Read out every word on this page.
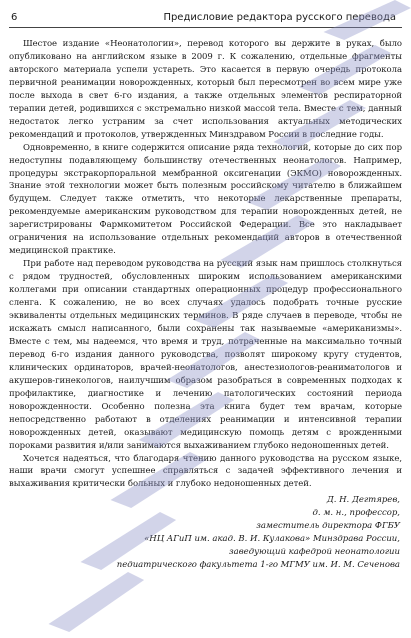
6	Предисловие редактора русского перевода

Шестое издание «Неонатологии», перевод которого вы держите в руках, было опубликовано на английском языке в 2009 г. К сожалению, отдельные фрагменты авторского материала успели устареть. Это касается в первую очередь протокола первичной реанимации новорожденных, который был пересмотрен во всем мире уже после выхода в свет 6-го издания, а также отдельных элементов респираторной терапии детей, родившихся с экстремально низкой массой тела. Вместе с тем, данный недостаток легко устраним за счет использования актуальных методических рекомендаций и протоколов, утвержденных Минздравом России в последние годы.

Одновременно, в книге содержится описание ряда технологий, которые до сих пор недоступны подавляющему большинству отечественных неонатологов. Например, процедуры экстракорпоральной мембранной оксигенации (ЭКМО) новорожденных. Знание этой технологии может быть полезным российскому читателю в ближайшем будущем. Следует также отметить, что некоторые лекарственные препараты, рекомендуемые американским руководством для терапии новорожденных детей, не зарегистрированы Фармкомитетом Российской Федерации. Все это накладывает ограничения на использование отдельных рекомендаций авторов в отечественной медицинской практике.

При работе над переводом руководства на русский язык нам пришлось столкнуться с рядом трудностей, обусловленных широким использованием американскими коллегами при описании стандартных операционных процедур профессионального сленга. К сожалению, не во всех случаях удалось подобрать точные русские эквиваленты отдельных медицинских терминов. В ряде случаев в переводе, чтобы не искажать смысл написанного, были сохранены так называемые «американизмы». Вместе с тем, мы надеемся, что время и труд, потраченные на максимально точный перевод 6-го издания данного руководства, позволят широкому кругу студентов, клинических ординаторов, врачей-неонатологов, анестезиологов-реаниматологов и акушеров-гинекологов, наилучшим образом разобраться в современных подходах к профилактике, диагностике и лечению патологических состояний периода новорожденности. Особенно полезна эта книга будет тем врачам, которые непосредственно работают в отделениях реанимации и интенсивной терапии новорожденных детей, оказывают медицинскую помощь детям с врожденными пороками развития и/или занимаются выхаживанием глубоко недоношенных детей.

Хочется надеяться, что благодаря чтению данного руководства на русском языке, наши врачи смогут успешнее справляться с задачей эффективного лечения и выхаживания критически больных и глубоко недоношенных детей.

Д. Н. Дегтярев,
д. м. н., профессор,
заместитель директора ФГБУ
«НЦ АГиП им. акад. В. И. Кулакова» Минздрава России,
заведующий кафедрой неонатологии
педиатрического факультета 1-го МГМУ им. И. М. Сеченова
